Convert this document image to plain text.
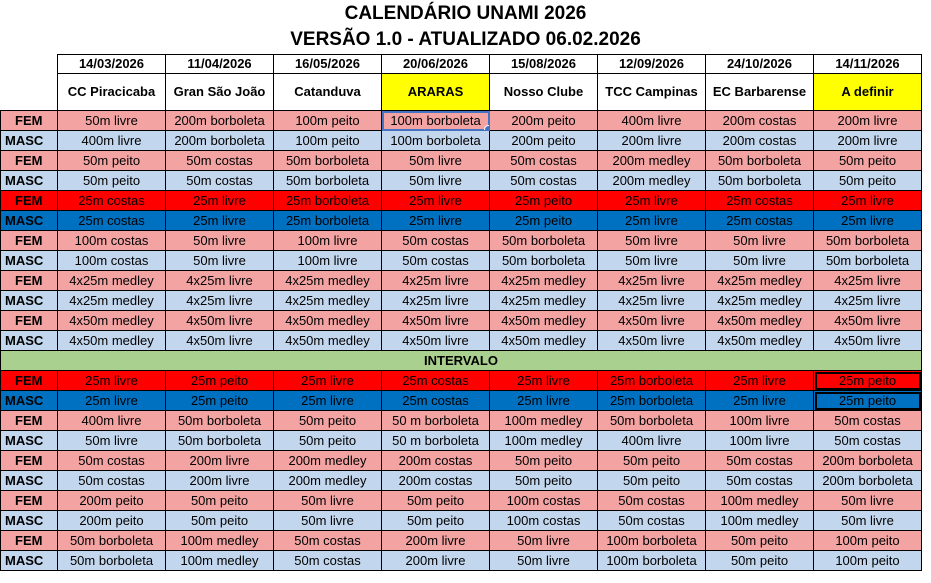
CALENDÁRIO UNAMI 2026
VERSÃO 1.0 - ATUALIZADO 06.02.2026
	14/03/2026	11/04/2026	16/05/2026	20/06/2026	15/08/2026	12/09/2026	24/10/2026	14/11/2026
	CC Piracicaba	Gran São João	Catanduva	ARARAS	Nosso Clube	TCC Campinas	EC Barbarense	A definir
FEM	50m livre	200m borboleta	100m peito	100m borboleta	200m peito	400m livre	200m costas	200m livre
MASC	400m livre	200m borboleta	100m peito	100m borboleta	200m peito	200m livre	200m costas	200m livre
FEM	50m peito	50m costas	50m borboleta	50m livre	50m costas	200m medley	50m borboleta	50m peito
MASC	50m peito	50m costas	50m borboleta	50m livre	50m costas	200m medley	50m borboleta	50m peito
FEM	25m costas	25m livre	25m borboleta	25m livre	25m peito	25m livre	25m costas	25m livre
MASC	25m costas	25m livre	25m borboleta	25m livre	25m peito	25m livre	25m costas	25m livre
FEM	100m costas	50m livre	100m livre	50m costas	50m borboleta	50m livre	50m livre	50m borboleta
MASC	100m costas	50m livre	100m livre	50m costas	50m borboleta	50m livre	50m livre	50m borboleta
FEM	4x25m medley	4x25m livre	4x25m medley	4x25m livre	4x25m medley	4x25m livre	4x25m medley	4x25m livre
MASC	4x25m medley	4x25m livre	4x25m medley	4x25m livre	4x25m medley	4x25m livre	4x25m medley	4x25m livre
FEM	4x50m medley	4x50m livre	4x50m medley	4x50m livre	4x50m medley	4x50m livre	4x50m medley	4x50m livre
MASC	4x50m medley	4x50m livre	4x50m medley	4x50m livre	4x50m medley	4x50m livre	4x50m medley	4x50m livre
INTERVALO								
FEM	25m livre	25m peito	25m livre	25m costas	25m livre	25m borboleta	25m livre	25m peito
MASC	25m livre	25m peito	25m livre	25m costas	25m livre	25m borboleta	25m livre	25m peito
FEM	400m livre	50m borboleta	50m peito	50 m borboleta	100m medley	50m borboleta	100m livre	50m costas
MASC	50m livre	50m borboleta	50m peito	50 m borboleta	100m medley	400m livre	100m livre	50m costas
FEM	50m costas	200m livre	200m medley	200m costas	50m peito	50m peito	50m costas	200m borboleta
MASC	50m costas	200m livre	200m medley	200m costas	50m peito	50m peito	50m costas	200m borboleta
FEM	200m peito	50m peito	50m livre	50m peito	100m costas	50m costas	100m medley	50m livre
MASC	200m peito	50m peito	50m livre	50m peito	100m costas	50m costas	100m medley	50m livre
FEM	50m borboleta	100m medley	50m costas	200m livre	50m livre	100m borboleta	50m peito	100m peito
MASC	50m borboleta	100m medley	50m costas	200m livre	50m livre	100m borboleta	50m peito	100m peito
